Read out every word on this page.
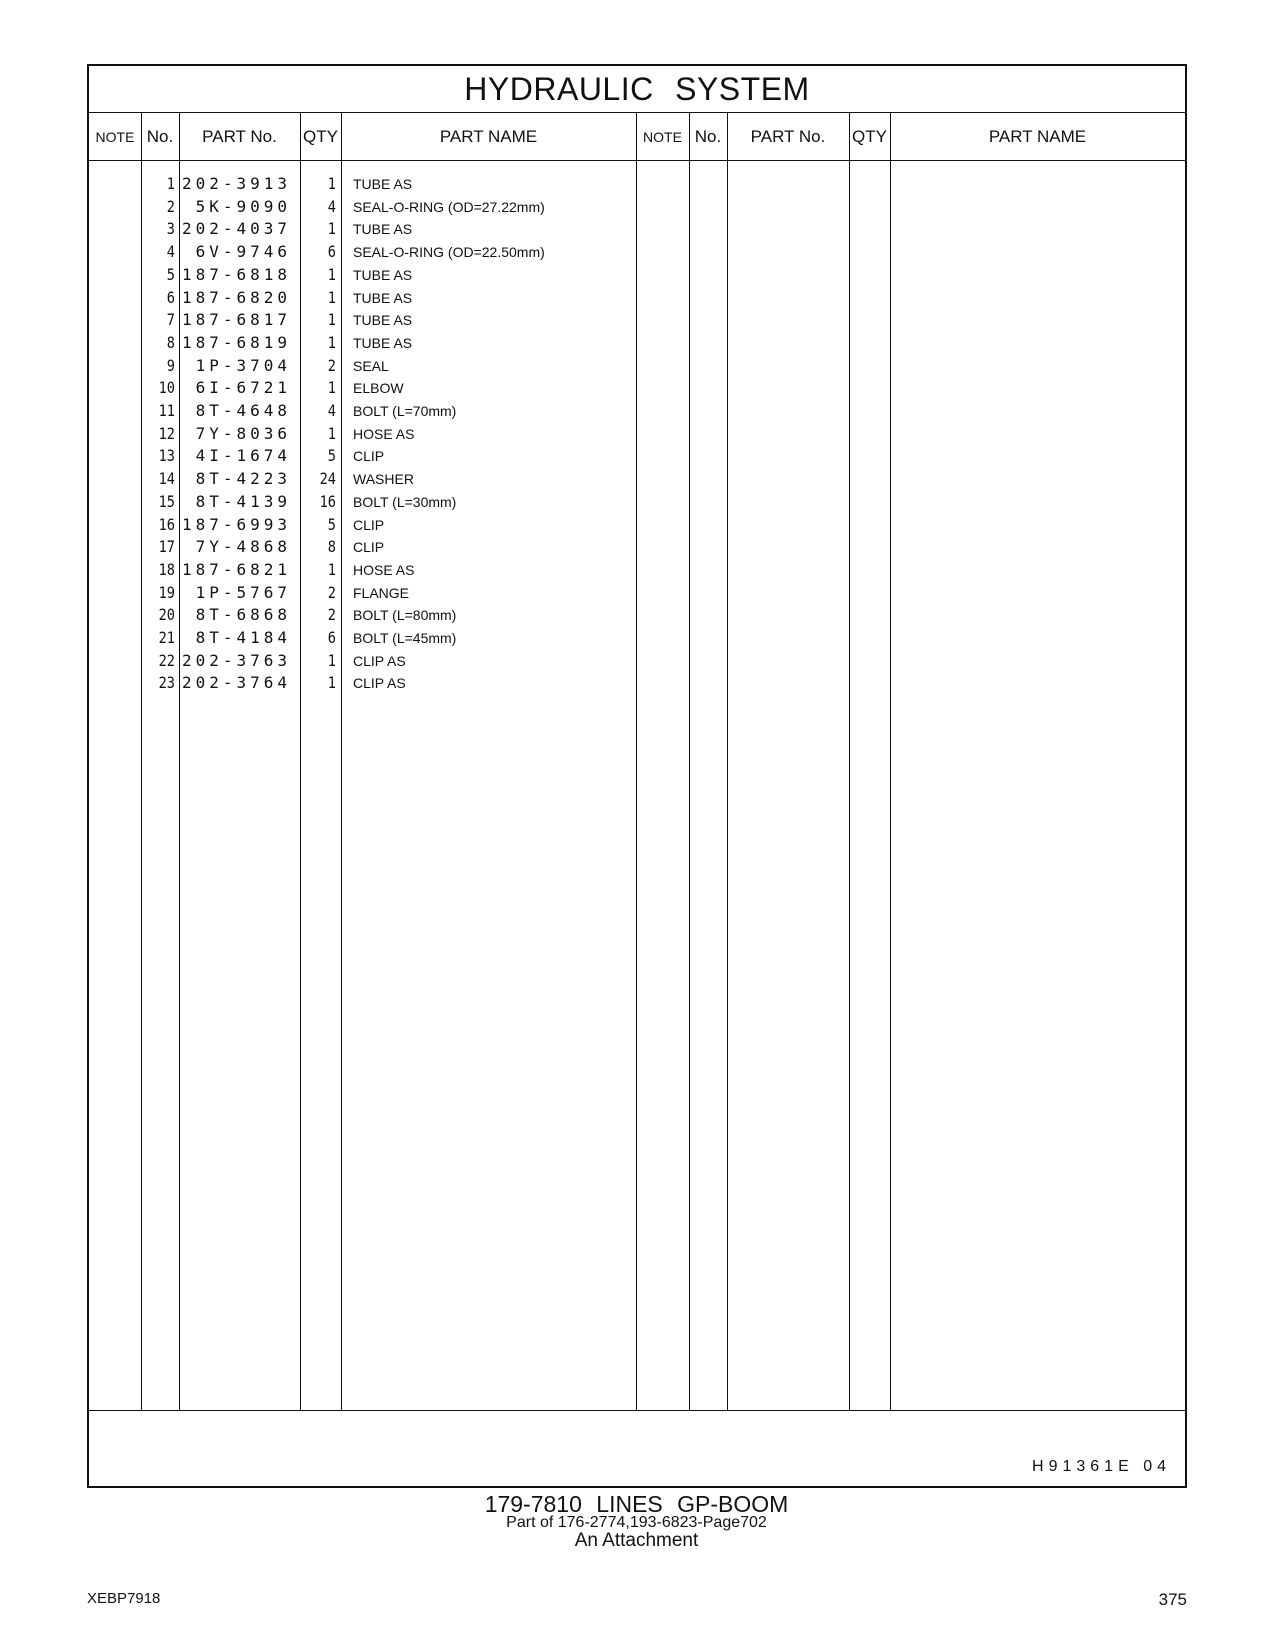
HYDRAULIC SYSTEM
NOTE No.	PART No.	QTY	PART NAME	NOTE No.	PART No.	QTY	PART NAME
1 202-3913	1 TUBE AS
2	5K-9090	4 SEAL-O-RING (OD=27.22mm)
3 202-4037	1 TUBE AS
4	6V-9746	6 SEAL-O-RING (OD=22.50mm)
5 187-6818	1 TUBE AS
6 187-6820	1 TUBE AS
7 187-6817	1 TUBE AS
8 187-6819	1 TUBE AS
9	1P-3704	2 SEAL
10	6I-6721	1 ELBOW
11	8T-4648	4 BOLT (L=70mm)
12	7Y-8036	1 HOSE AS
13	4I-1674	5 CLIP
14	8T-4223	24 WASHER
15	8T-4139	16 BOLT (L=30mm)
16 187-6993	5 CLIP
17	7Y-4868	8 CLIP
18 187-6821	1 HOSE AS
19	1P-5767	2 FLANGE
20	8T-6868	2 BOLT (L=80mm)
21	8T-4184	6 BOLT (L=45mm)
22 202-3763	1 CLIP AS
23 202-3764	1 CLIP AS
H91361E 04
179-7810 LINES GP-BOOM
Part of 176-2774,193-6823-Page702
An Attachment
XEBP7918	375
